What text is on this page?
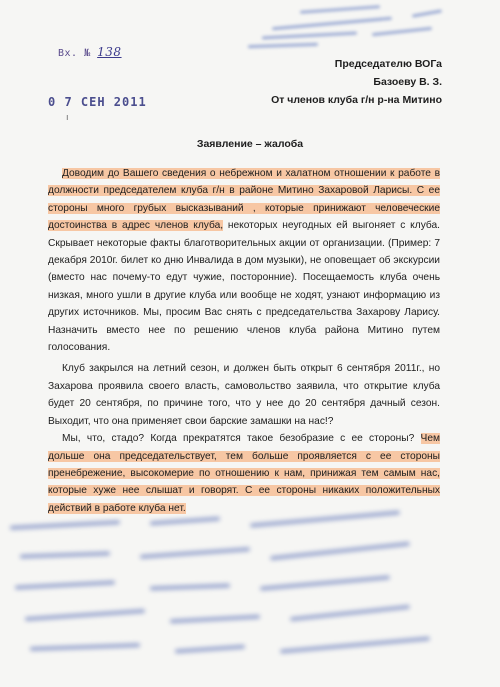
Вх. № 138
0 7 СЕН 2011
ı
Председателю ВОГа
Базоеву В. З.
От членов клуба г/н р-на Митино
Заявление – жалоба

Доводим до Вашего сведения о небрежном и халатном отношении к работе в должности председателем клуба г/н в районе Митино Захаровой Ларисы. С ее стороны много грубых высказываний , которые принижают человеческие достоинства в адрес членов клуба, некоторых неугодных ей выгоняет с клуба. Скрывает некоторые факты благотворительных акции от организации. (Пример: 7 декабря 2010г. билет ко дню Инвалида в дом музыки), не оповещает об экскурсии (вместо нас почему-то едут чужие, посторонние). Посещаемость клуба очень низкая, много ушли в другие клуба или вообще не ходят, узнают информацию из других источников. Мы, просим Вас снять с председательства Захарову Ларису. Назначить вместо нее по решению членов клуба района Митино путем голосования.

Клуб закрылся на летний сезон, и должен быть открыт 6 сентября 2011г., но Захарова проявила своего власть, самовольство заявила, что открытие клуба будет 20 сентября, по причине того, что у нее до 20 сентября дачный сезон. Выходит, что она применяет свои барские замашки на нас!?

Мы, что, стадо? Когда прекратятся такое безобразие с ее стороны? Чем дольше она председательствует, тем больше проявляется с ее стороны пренебрежение, высокомерие по отношению к нам, принижая тем самым нас, которые хуже нее слышат и говорят. С ее стороны никаких положительных действий в работе клуба нет.
